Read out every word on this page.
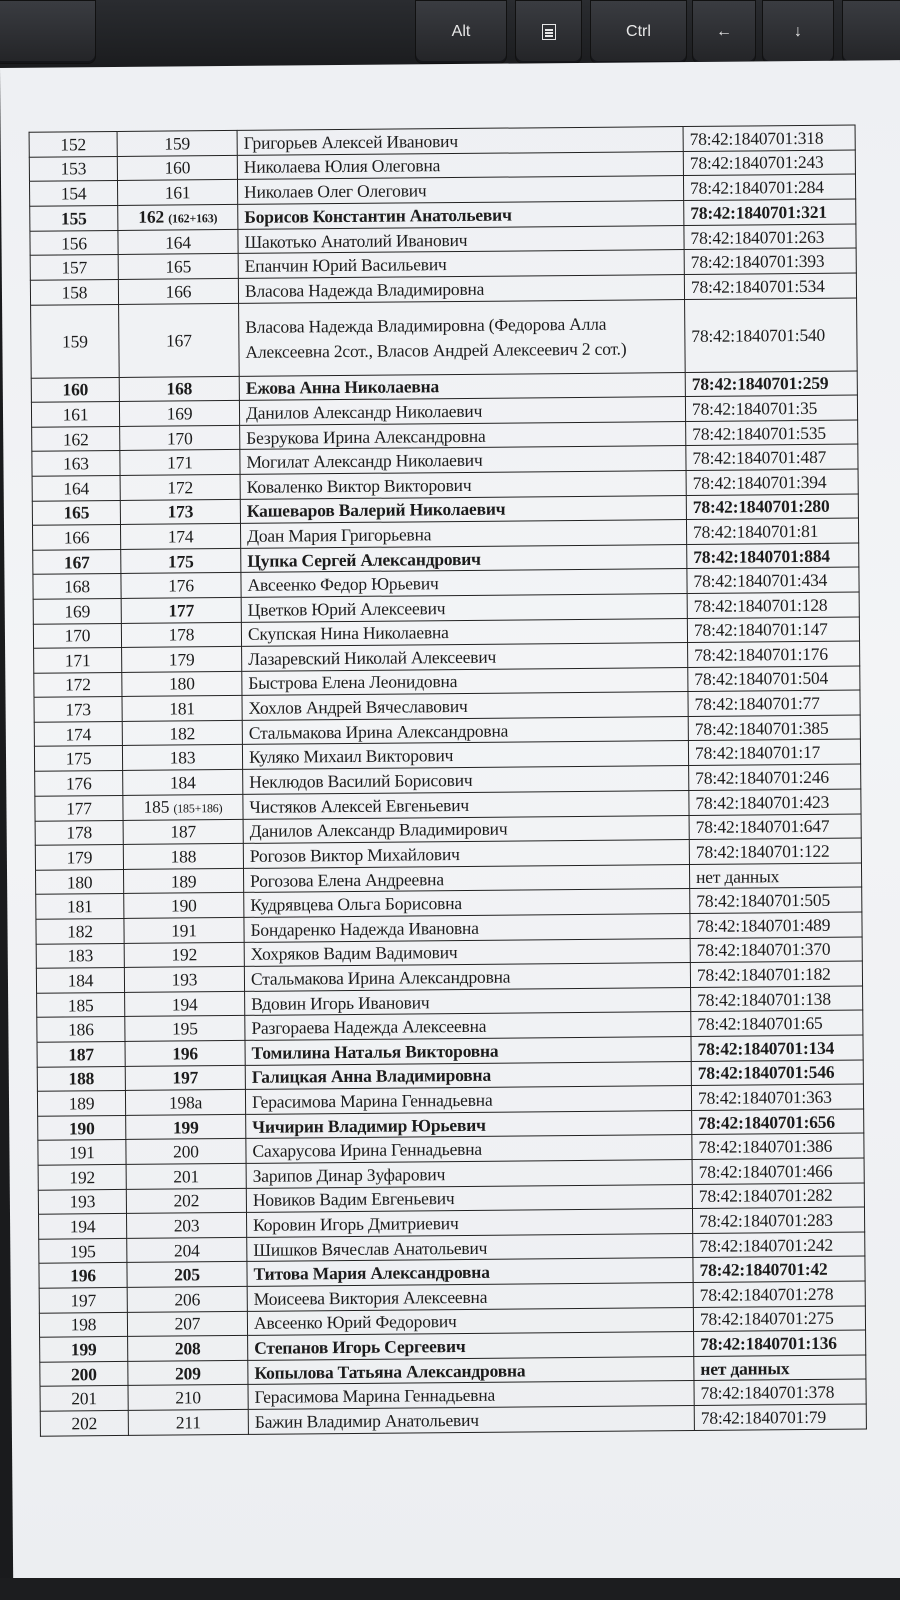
Alt	Ctrl	←	↓
152	159	Григорьев Алексей Иванович	78:42:1840701:318
153	160	Николаева Юлия Олеговна	78:42:1840701:243
154	161	Николаев Олег Олегович	78:42:1840701:284
155	162 (162+163)	Борисов Константин Анатольевич	78:42:1840701:321
156	164	Шакотько Анатолий Иванович	78:42:1840701:263
157	165	Епанчин Юрий Васильевич	78:42:1840701:393
158	166	Власова Надежда Владимировна	78:42:1840701:534
159	167	Власова Надежда Владимировна (Федорова Алла Алексеевна 2сот., Власов Андрей Алексеевич 2 сот.)	78:42:1840701:540
160	168	Ежова Анна Николаевна	78:42:1840701:259
161	169	Данилов Александр Николаевич	78:42:1840701:35
162	170	Безрукова Ирина Александровна	78:42:1840701:535
163	171	Могилат Александр Николаевич	78:42:1840701:487
164	172	Коваленко Виктор Викторович	78:42:1840701:394
165	173	Кашеваров Валерий Николаевич	78:42:1840701:280
166	174	Доан Мария Григорьевна	78:42:1840701:81
167	175	Цупка Сергей Александрович	78:42:1840701:884
168	176	Авсеенко Федор Юрьевич	78:42:1840701:434
169	177	Цветков Юрий Алексеевич	78:42:1840701:128
170	178	Скупская Нина Николаевна	78:42:1840701:147
171	179	Лазаревский Николай Алексеевич	78:42:1840701:176
172	180	Быстрова Елена Леонидовна	78:42:1840701:504
173	181	Хохлов Андрей Вячеславович	78:42:1840701:77
174	182	Стальмакова Ирина Александровна	78:42:1840701:385
175	183	Куляко Михаил Викторович	78:42:1840701:17
176	184	Неклюдов Василий Борисович	78:42:1840701:246
177	185 (185+186)	Чистяков Алексей Евгеньевич	78:42:1840701:423
178	187	Данилов Александр Владимирович	78:42:1840701:647
179	188	Рогозов Виктор Михайлович	78:42:1840701:122
180	189	Рогозова Елена Андреевна	нет данных
181	190	Кудрявцева Ольга Борисовна	78:42:1840701:505
182	191	Бондаренко Надежда Ивановна	78:42:1840701:489
183	192	Хохряков Вадим Вадимович	78:42:1840701:370
184	193	Стальмакова Ирина Александровна	78:42:1840701:182
185	194	Вдовин Игорь Иванович	78:42:1840701:138
186	195	Разгораева Надежда Алексеевна	78:42:1840701:65
187	196	Томилина Наталья Викторовна	78:42:1840701:134
188	197	Галицкая Анна Владимировна	78:42:1840701:546
189	198а	Герасимова Марина Геннадьевна	78:42:1840701:363
190	199	Чичирин Владимир Юрьевич	78:42:1840701:656
191	200	Сахарусова Ирина Геннадьевна	78:42:1840701:386
192	201	Зарипов Динар Зуфарович	78:42:1840701:466
193	202	Новиков Вадим Евгеньевич	78:42:1840701:282
194	203	Коровин Игорь Дмитриевич	78:42:1840701:283
195	204	Шишков Вячеслав Анатольевич	78:42:1840701:242
196	205	Титова Мария Александровна	78:42:1840701:42
197	206	Моисеева Виктория Алексеевна	78:42:1840701:278
198	207	Авсеенко Юрий Федорович	78:42:1840701:275
199	208	Степанов Игорь Сергеевич	78:42:1840701:136
200	209	Копылова Татьяна Александровна	нет данных
201	210	Герасимова Марина Геннадьевна	78:42:1840701:378
202	211	Бажин Владимир Анатольевич	78:42:1840701:79
